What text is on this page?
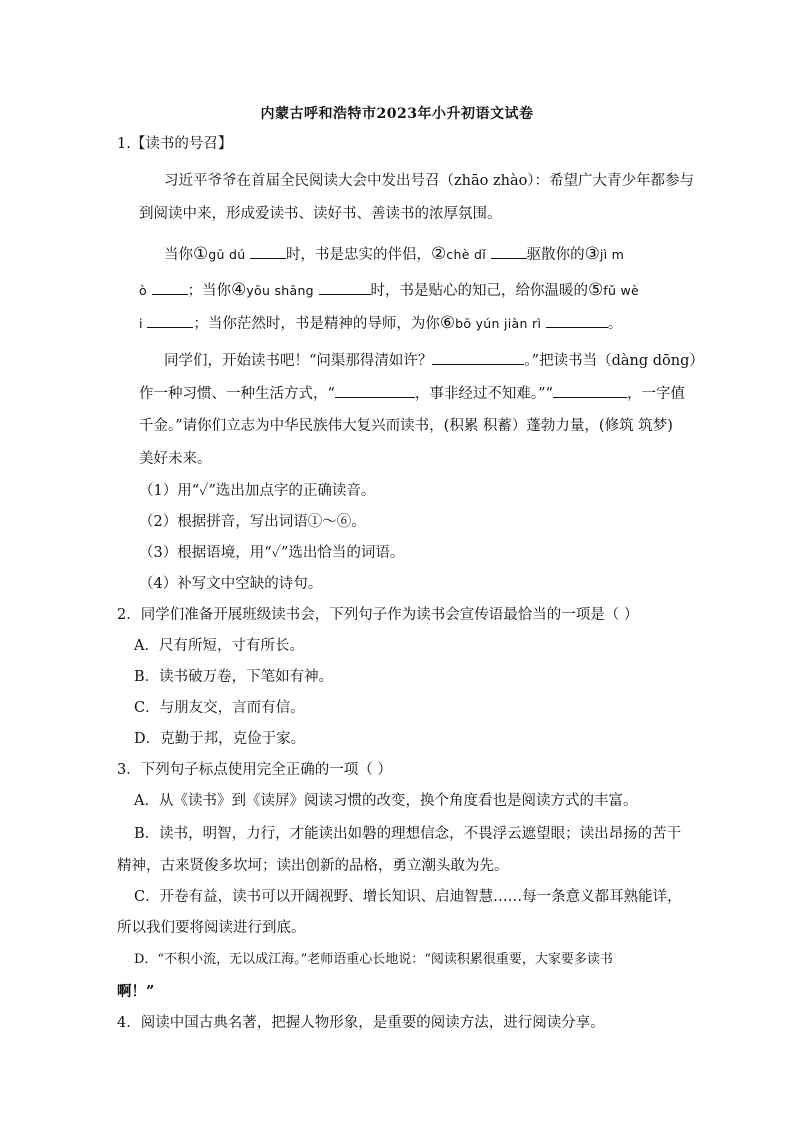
内蒙古呼和浩特市2023年小升初语文试卷
1.【读书的号召】
习近平爷爷在首届全民阅读大会中发出号召（zhāo zhào）：希望广大青少年都参与
到阅读中来，形成爱读书、读好书、善读书的浓厚氛围。
当你①gū dú	时，书是忠实的伴侣，②chè dǐ	驱散你的③jì m
ò	；当你④yōu shāng	时，书是贴心的知己，给你温暖的⑤fǔ wè
i	；当你茫然时，书是精神的导师，为你⑥bō yún jiàn rì	。
同学们，开始读书吧！“问渠那得清如许？	。”把读书当（dàng dōng）
作一种习惯、一种生活方式，“	，事非经过不知难。”“	，一字值
千金。”请你们立志为中华民族伟大复兴而读书，(积累 积蓄）蓬勃力量，(修筑 筑梦)
美好未来。
（1）用“✓”选出加点字的正确读音。
（2）根据拼音，写出词语①～⑥。
（3）根据语境，用“✓”选出恰当的词语。
（4）补写文中空缺的诗句。
2．同学们准备开展班级读书会，下列句子作为读书会宣传语最恰当的一项是（ ）
A．尺有所短，寸有所长。
B．读书破万卷，下笔如有神。
C．与朋友交，言而有信。
D．克勤于邦，克俭于家。
3．下列句子标点使用完全正确的一项（ ）
A．从《读书》到《读屏》阅读习惯的改变，换个角度看也是阅读方式的丰富。
B．读书，明智，力行，才能读出如磐的理想信念，不畏浮云遮望眼；读出昂扬的苦干
精神，古来贤俊多坎坷；读出创新的品格，勇立潮头敢为先。
C．开卷有益，读书可以开阔视野、增长知识、启迪智慧……每一条意义都耳熟能详，
所以我们要将阅读进行到底。
D．“不积小流，无以成江海。”老师语重心长地说：“阅读积累很重要，大家要多读书
啊！”
4．阅读中国古典名著，把握人物形象，是重要的阅读方法，进行阅读分享。
